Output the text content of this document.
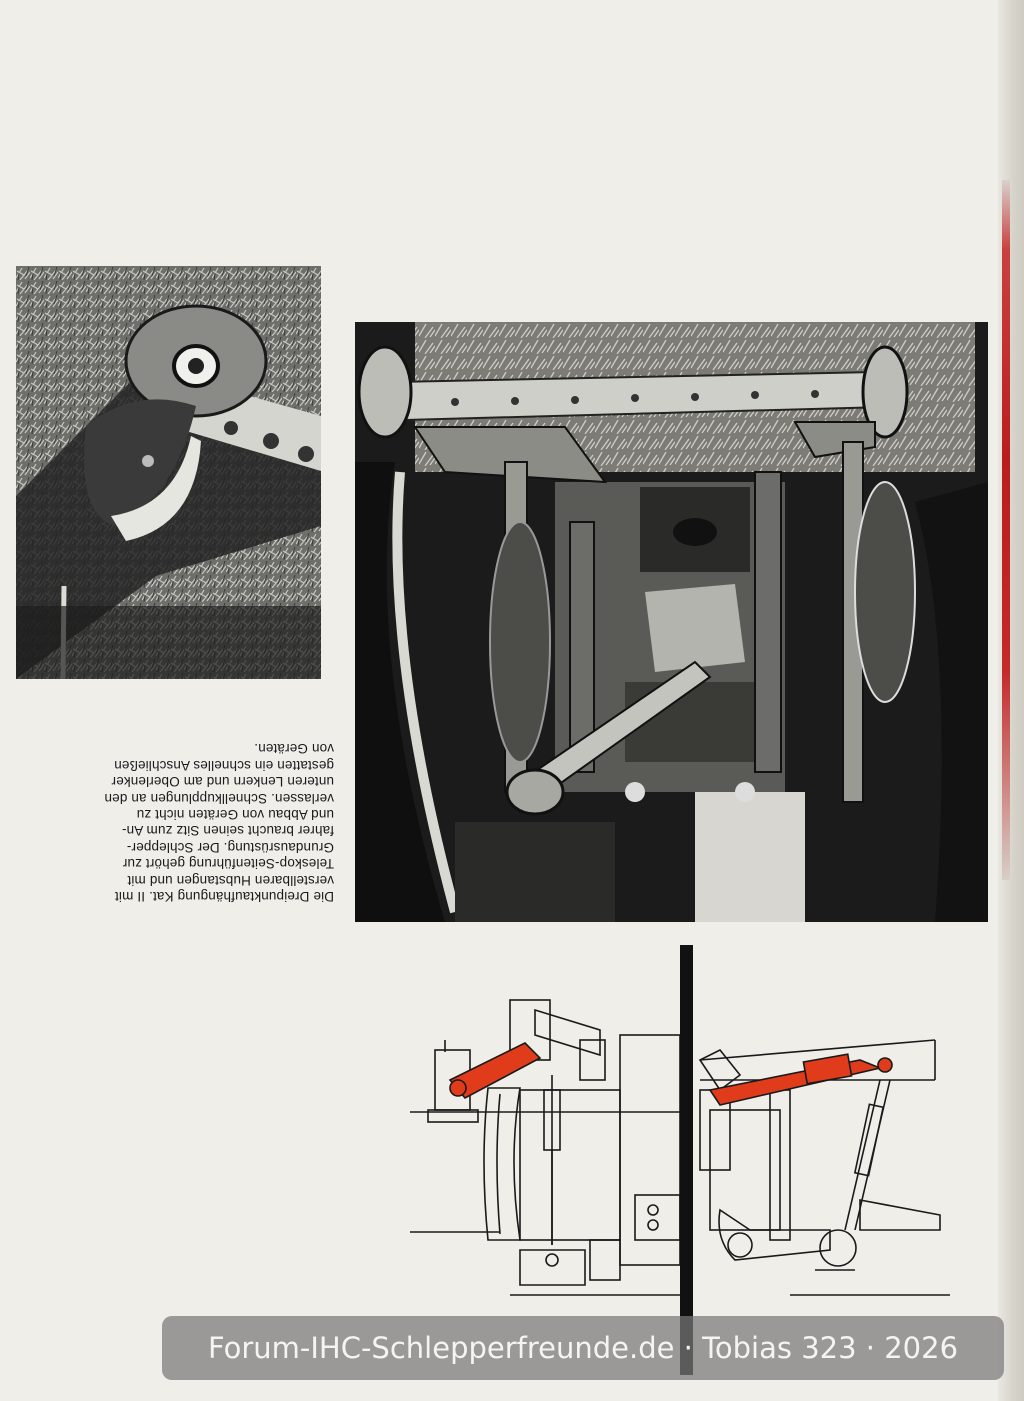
Die Dreipunktaufhängung Kat. II mit
verstellbaren Hubstangen und mit
Teleskop-Seitenführung gehört zur
Grundausrüstung. Der Schlepper-
fahrer braucht seinen Sitz zum An-
und Abbau von Geräten nicht zu
verlassen. Schnellkupplungen an den
unteren Lenkern und am Oberlenker
gestatten ein schnelles Anschließen
von Geräten.
Forum-IHC-Schlepperfreunde.de · Tobias 323 · 2026
